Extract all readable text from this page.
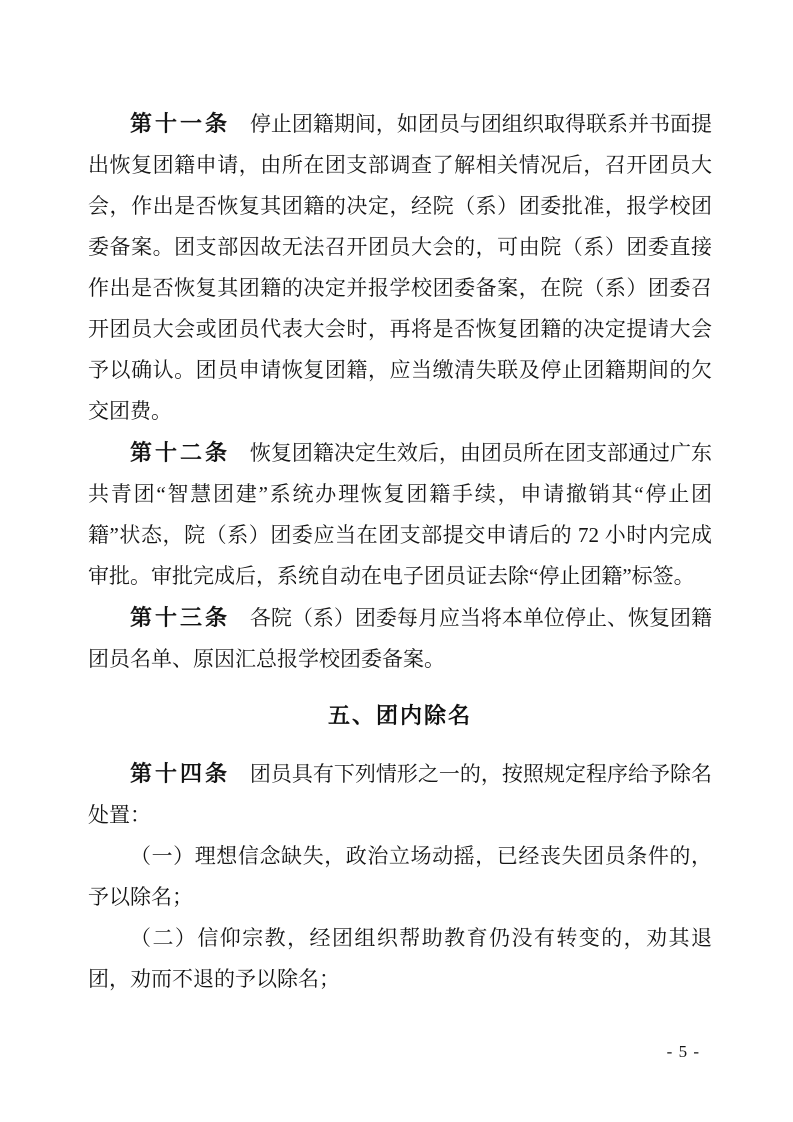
第十一条 停止团籍期间，如团员与团组织取得联系并书面提出恢复团籍申请，由所在团支部调查了解相关情况后，召开团员大会，作出是否恢复其团籍的决定，经院（系）团委批准，报学校团委备案。团支部因故无法召开团员大会的，可由院（系）团委直接作出是否恢复其团籍的决定并报学校团委备案，在院（系）团委召开团员大会或团员代表大会时，再将是否恢复团籍的决定提请大会予以确认。团员申请恢复团籍，应当缴清失联及停止团籍期间的欠交团费。

第十二条 恢复团籍决定生效后，由团员所在团支部通过广东共青团“智慧团建”系统办理恢复团籍手续，申请撤销其“停止团籍”状态，院（系）团委应当在团支部提交申请后的 72 小时内完成审批。审批完成后，系统自动在电子团员证去除“停止团籍”标签。

第十三条 各院（系）团委每月应当将本单位停止、恢复团籍团员名单、原因汇总报学校团委备案。

五、团内除名

第十四条 团员具有下列情形之一的，按照规定程序给予除名处置：

（一）理想信念缺失，政治立场动摇，已经丧失团员条件的，予以除名；

（二）信仰宗教，经团组织帮助教育仍没有转变的，劝其退团，劝而不退的予以除名；

- 5 -
